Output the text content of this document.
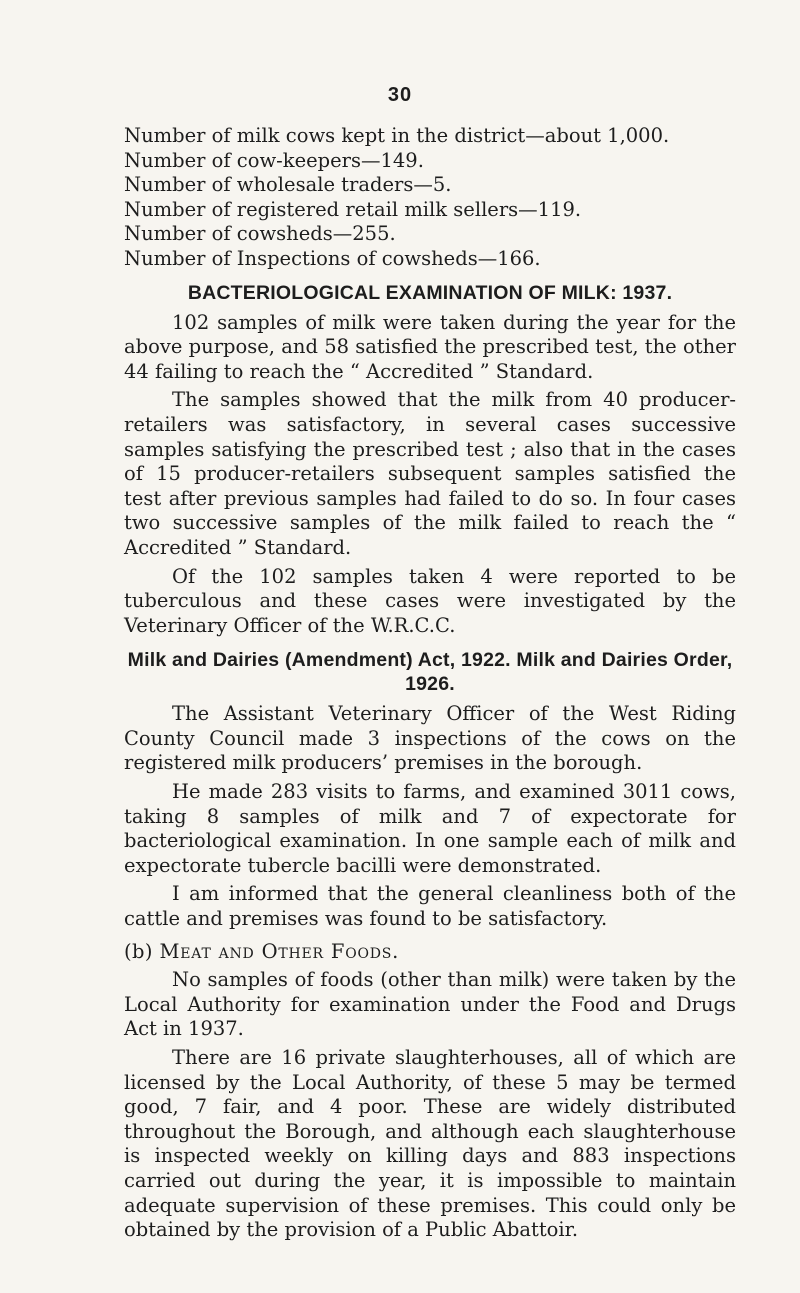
30
Number of milk cows kept in the district—about 1,000.
Number of cow-keepers—149.
Number of wholesale traders—5.
Number of registered retail milk sellers—119.
Number of cowsheds—255.
Number of Inspections of cowsheds—166.
BACTERIOLOGICAL EXAMINATION OF MILK: 1937.

102 samples of milk were taken during the year for the above purpose, and 58 satisfied the prescribed test, the other 44 failing to reach the “ Accredited ” Standard.

The samples showed that the milk from 40 producer-retailers was satisfactory, in several cases successive samples satisfying the prescribed test ; also that in the cases of 15 producer-retailers subsequent samples satisfied the test after previous samples had failed to do so. In four cases two successive samples of the milk failed to reach the “ Accredited ” Standard.

Of the 102 samples taken 4 were reported to be tuberculous and these cases were investigated by the Veterinary Officer of the W.R.C.C.

Milk and Dairies (Amendment) Act, 1922. Milk and Dairies Order, 1926.

The Assistant Veterinary Officer of the West Riding County Council made 3 inspections of the cows on the registered milk producers’ premises in the borough.

He made 283 visits to farms, and examined 3011 cows, taking 8 samples of milk and 7 of expectorate for bacteriological examination. In one sample each of milk and expectorate tubercle bacilli were demonstrated.

I am informed that the general cleanliness both of the cattle and premises was found to be satisfactory.

(b) Meat and Other Foods.

No samples of foods (other than milk) were taken by the Local Authority for examination under the Food and Drugs Act in 1937.

There are 16 private slaughterhouses, all of which are licensed by the Local Authority, of these 5 may be termed good, 7 fair, and 4 poor. These are widely distributed throughout the Borough, and although each slaughterhouse is inspected weekly on killing days and 883 inspections carried out during the year, it is impossible to maintain adequate supervision of these premises. This could only be obtained by the provision of a Public Abattoir.
